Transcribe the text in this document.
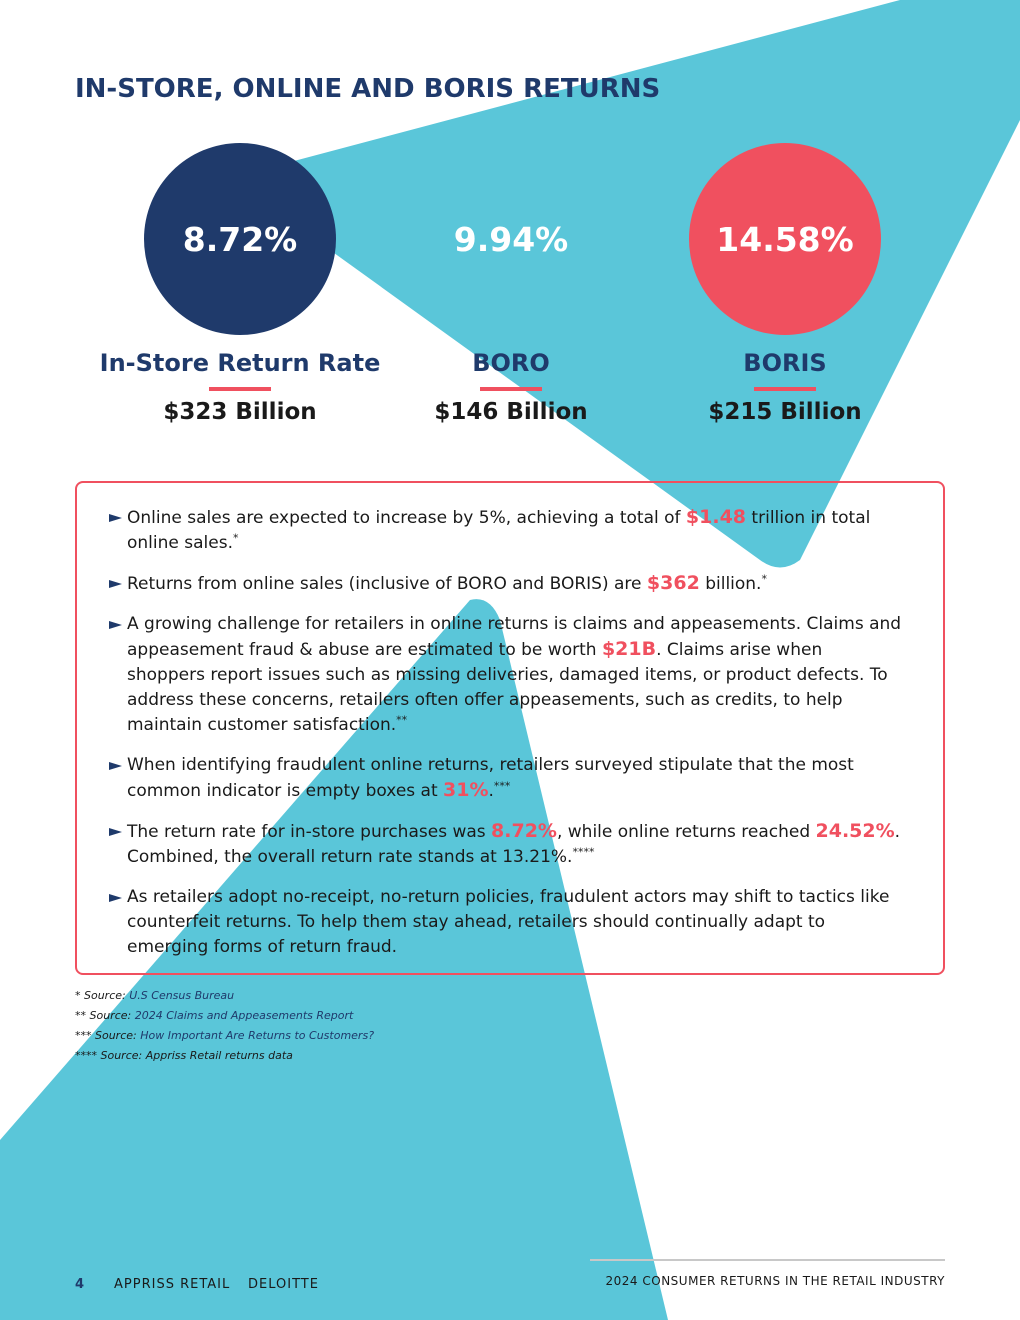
IN-STORE, ONLINE AND BORIS RETURNS
8.72%
In-Store Return Rate
$323 Billion
9.94%
BORO
$146 Billion
14.58%
BORIS
$215 Billion
Online sales are expected to increase by 5%, achieving a total of $1.48 trillion in total online sales.*
Returns from online sales (inclusive of BORO and BORIS) are $362 billion.*
A growing challenge for retailers in online returns is claims and appeasements. Claims and appeasement fraud & abuse are estimated to be worth $21B. Claims arise when shoppers report issues such as missing deliveries, damaged items, or product defects. To address these concerns, retailers often offer appeasements, such as credits, to help maintain customer satisfaction.**
When identifying fraudulent online returns, retailers surveyed stipulate that the most common indicator is empty boxes at 31%.***
The return rate for in-store purchases was 8.72%, while online returns reached 24.52%. Combined, the overall return rate stands at 13.21%.****
As retailers adopt no-receipt, no-return policies, fraudulent actors may shift to tactics like counterfeit returns. To help them stay ahead, retailers should continually adapt to emerging forms of return fraud.
* Source: U.S Census Bureau
** Source: 2024 Claims and Appeasements Report
*** Source: How Important Are Returns to Customers?
**** Source: Appriss Retail returns data
4 APPRISS RETAIL DELOITTE	2024 CONSUMER RETURNS IN THE RETAIL INDUSTRY
